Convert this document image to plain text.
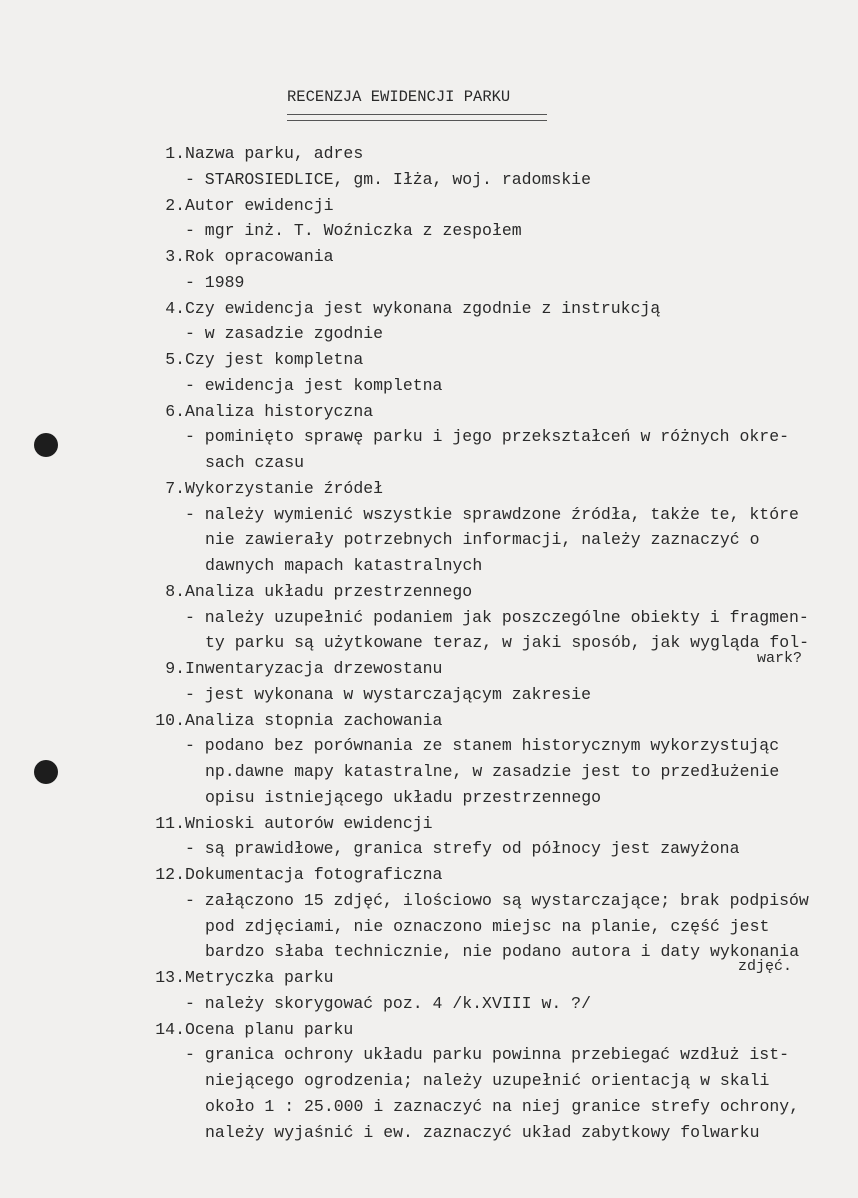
RECENZJA EWIDENCJI PARKU
1.Nazwa parku, adres
- STAROSIEDLICE, gm. Iłża, woj. radomskie
2.Autor ewidencji
- mgr inż. T. Woźniczka z zespołem
3.Rok opracowania
- 1989
4.Czy ewidencja jest wykonana zgodnie z instrukcją
- w zasadzie zgodnie
5.Czy jest kompletna
- ewidencja jest kompletna
6.Analiza historyczna
- pominięto sprawę parku i jego przekształceń w różnych okre-
sach czasu
7.Wykorzystanie źródeł
- należy wymienić wszystkie sprawdzone źródła, także te, które
nie zawierały potrzebnych informacji, należy zaznaczyć o
dawnych mapach katastralnych
8.Analiza układu przestrzennego
- należy uzupełnić podaniem jak poszczególne obiekty i fragmen-
ty parku są użytkowane teraz, w jaki sposób, jak wygląda fol-
9.Inwentaryzacja drzewostanu
- jest wykonana w wystarczającym zakresie
10.Analiza stopnia zachowania
- podano bez porównania ze stanem historycznym wykorzystując
np.dawne mapy katastralne, w zasadzie jest to przedłużenie
opisu istniejącego układu przestrzennego
11.Wnioski autorów ewidencji
- są prawidłowe, granica strefy od północy jest zawyżona
12.Dokumentacja fotograficzna
- załączono 15 zdjęć, ilościowo są wystarczające; brak podpisów
pod zdjęciami, nie oznaczono miejsc na planie, część jest
bardzo słaba technicznie, nie podano autora i daty wykonania
13.Metryczka parku
- należy skorygować poz. 4 /k.XVIII w. ?/
14.Ocena planu parku
- granica ochrony układu parku powinna przebiegać wzdłuż ist-
niejącego ogrodzenia; należy uzupełnić orientacją w skali
około 1 : 25.000 i zaznaczyć na niej granice strefy ochrony,
należy wyjaśnić i ew. zaznaczyć układ zabytkowy folwarku
wark?
zdjęć.
